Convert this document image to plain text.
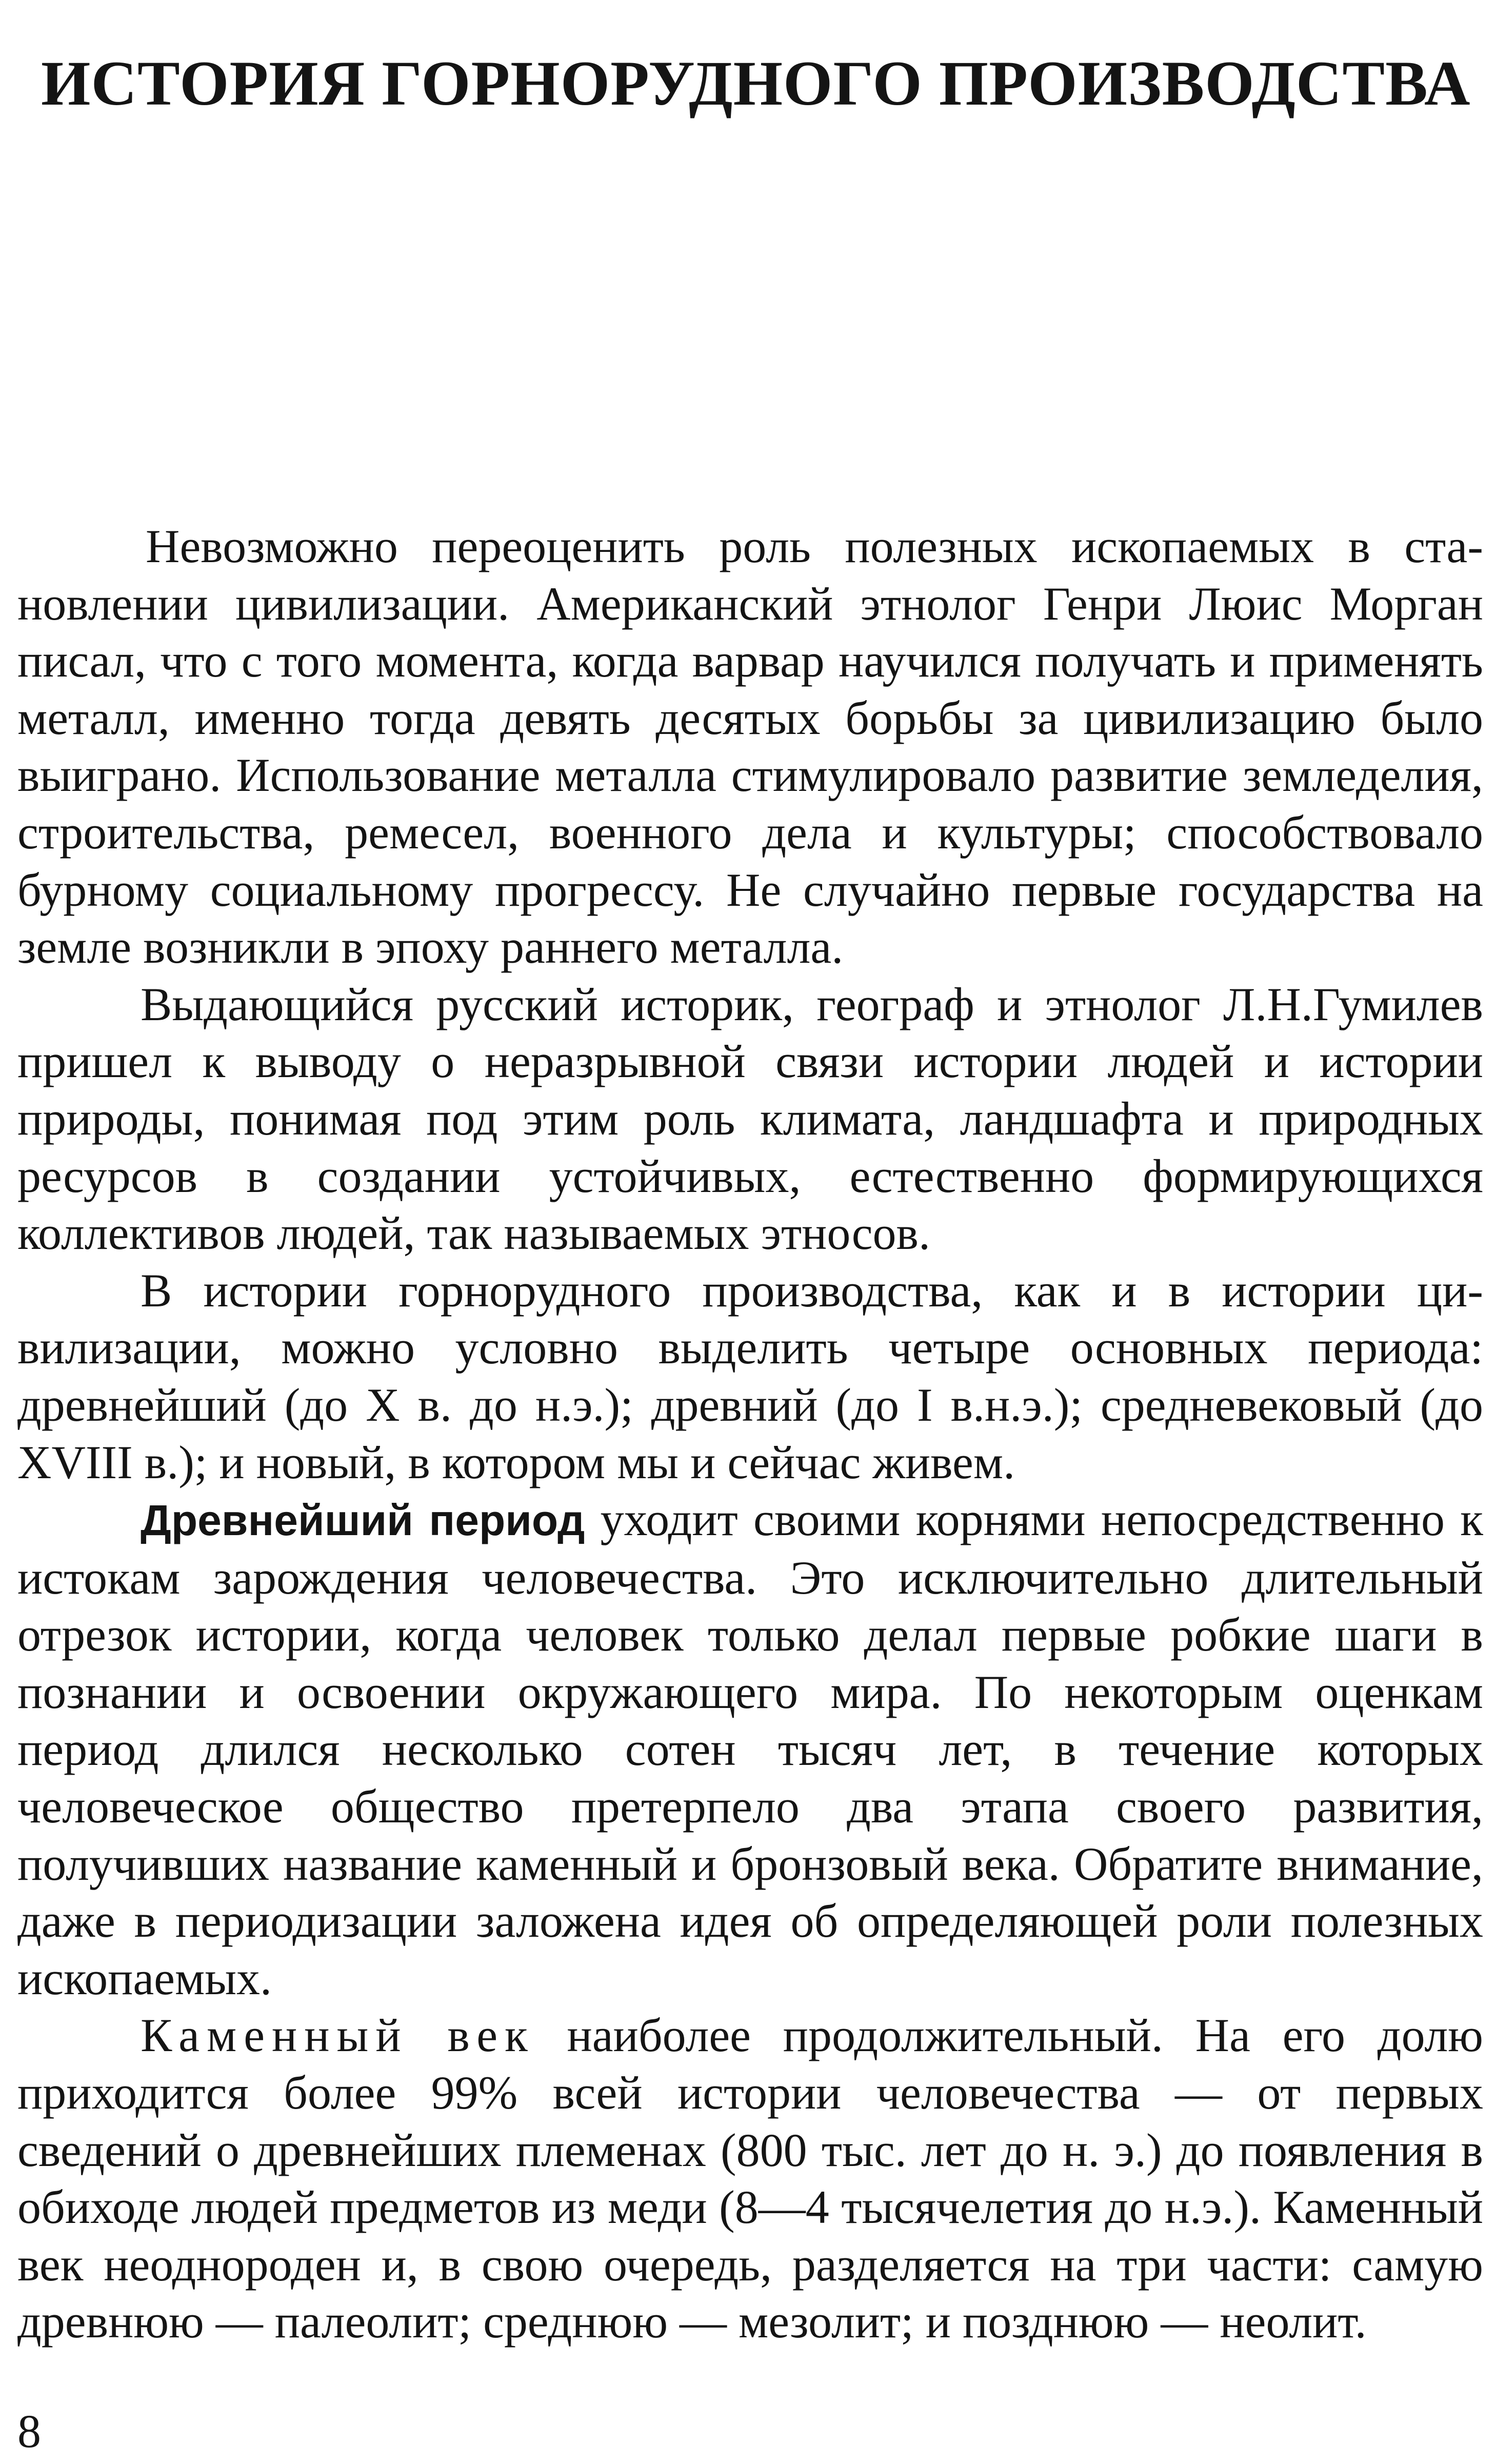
ИСТОРИЯ ГОРНОРУДНОГО ПРОИЗВОДСТВА

Невозможно переоценить роль полезных ископаемых в становлении цивилизации. Американский этнолог Генри Люис Морган писал, что с того момента, когда варвар научился получать и применять металл, именно тогда девять десятых борьбы за цивилизацию было выиграно. Использование металла стимулировало развитие земледелия, строительства, ремесел, военного дела и культуры; способствовало бурному социальному прогрессу. Не случайно первые государства на земле возникли в эпоху раннего металла.

Выдающийся русский историк, географ и этнолог Л.Н.Гумилев пришел к выводу о неразрывной связи истории людей и истории природы, понимая под этим роль климата, ландшафта и природных ресурсов в создании устойчивых, естественно формирующихся коллективов людей, так называемых этносов.

В истории горнорудного производства, как и в истории цивилизации, можно условно выделить четыре основных периода: древнейший (до X в. до н.э.); древний (до I в.н.э.); средневековый (до XVIII в.); и новый, в котором мы и сейчас живем.

Древнейший период уходит своими корнями непосредственно к истокам зарождения человечества. Это исключительно длительный отрезок истории, когда человек только делал первые робкие шаги в познании и освоении окружающего мира. По некоторым оценкам период длился несколько сотен тысяч лет, в течение которых человеческое общество претерпело два этапа своего развития, получивших название каменный и бронзовый века. Обратите внимание, даже в периодизации заложена идея об определяющей роли полезных ископаемых.

Каменный век наиболее продолжительный. На его долю приходится более 99% всей истории человечества — от первых сведений о древнейших племенах (800 тыс. лет до н. э.) до появления в обиходе людей предметов из меди (8—4 тысячелетия до н.э.). Каменный век неоднороден и, в свою очередь, разделяется на три части: самую древнюю — палеолит; среднюю — мезолит; и позднюю — неолит.

8
